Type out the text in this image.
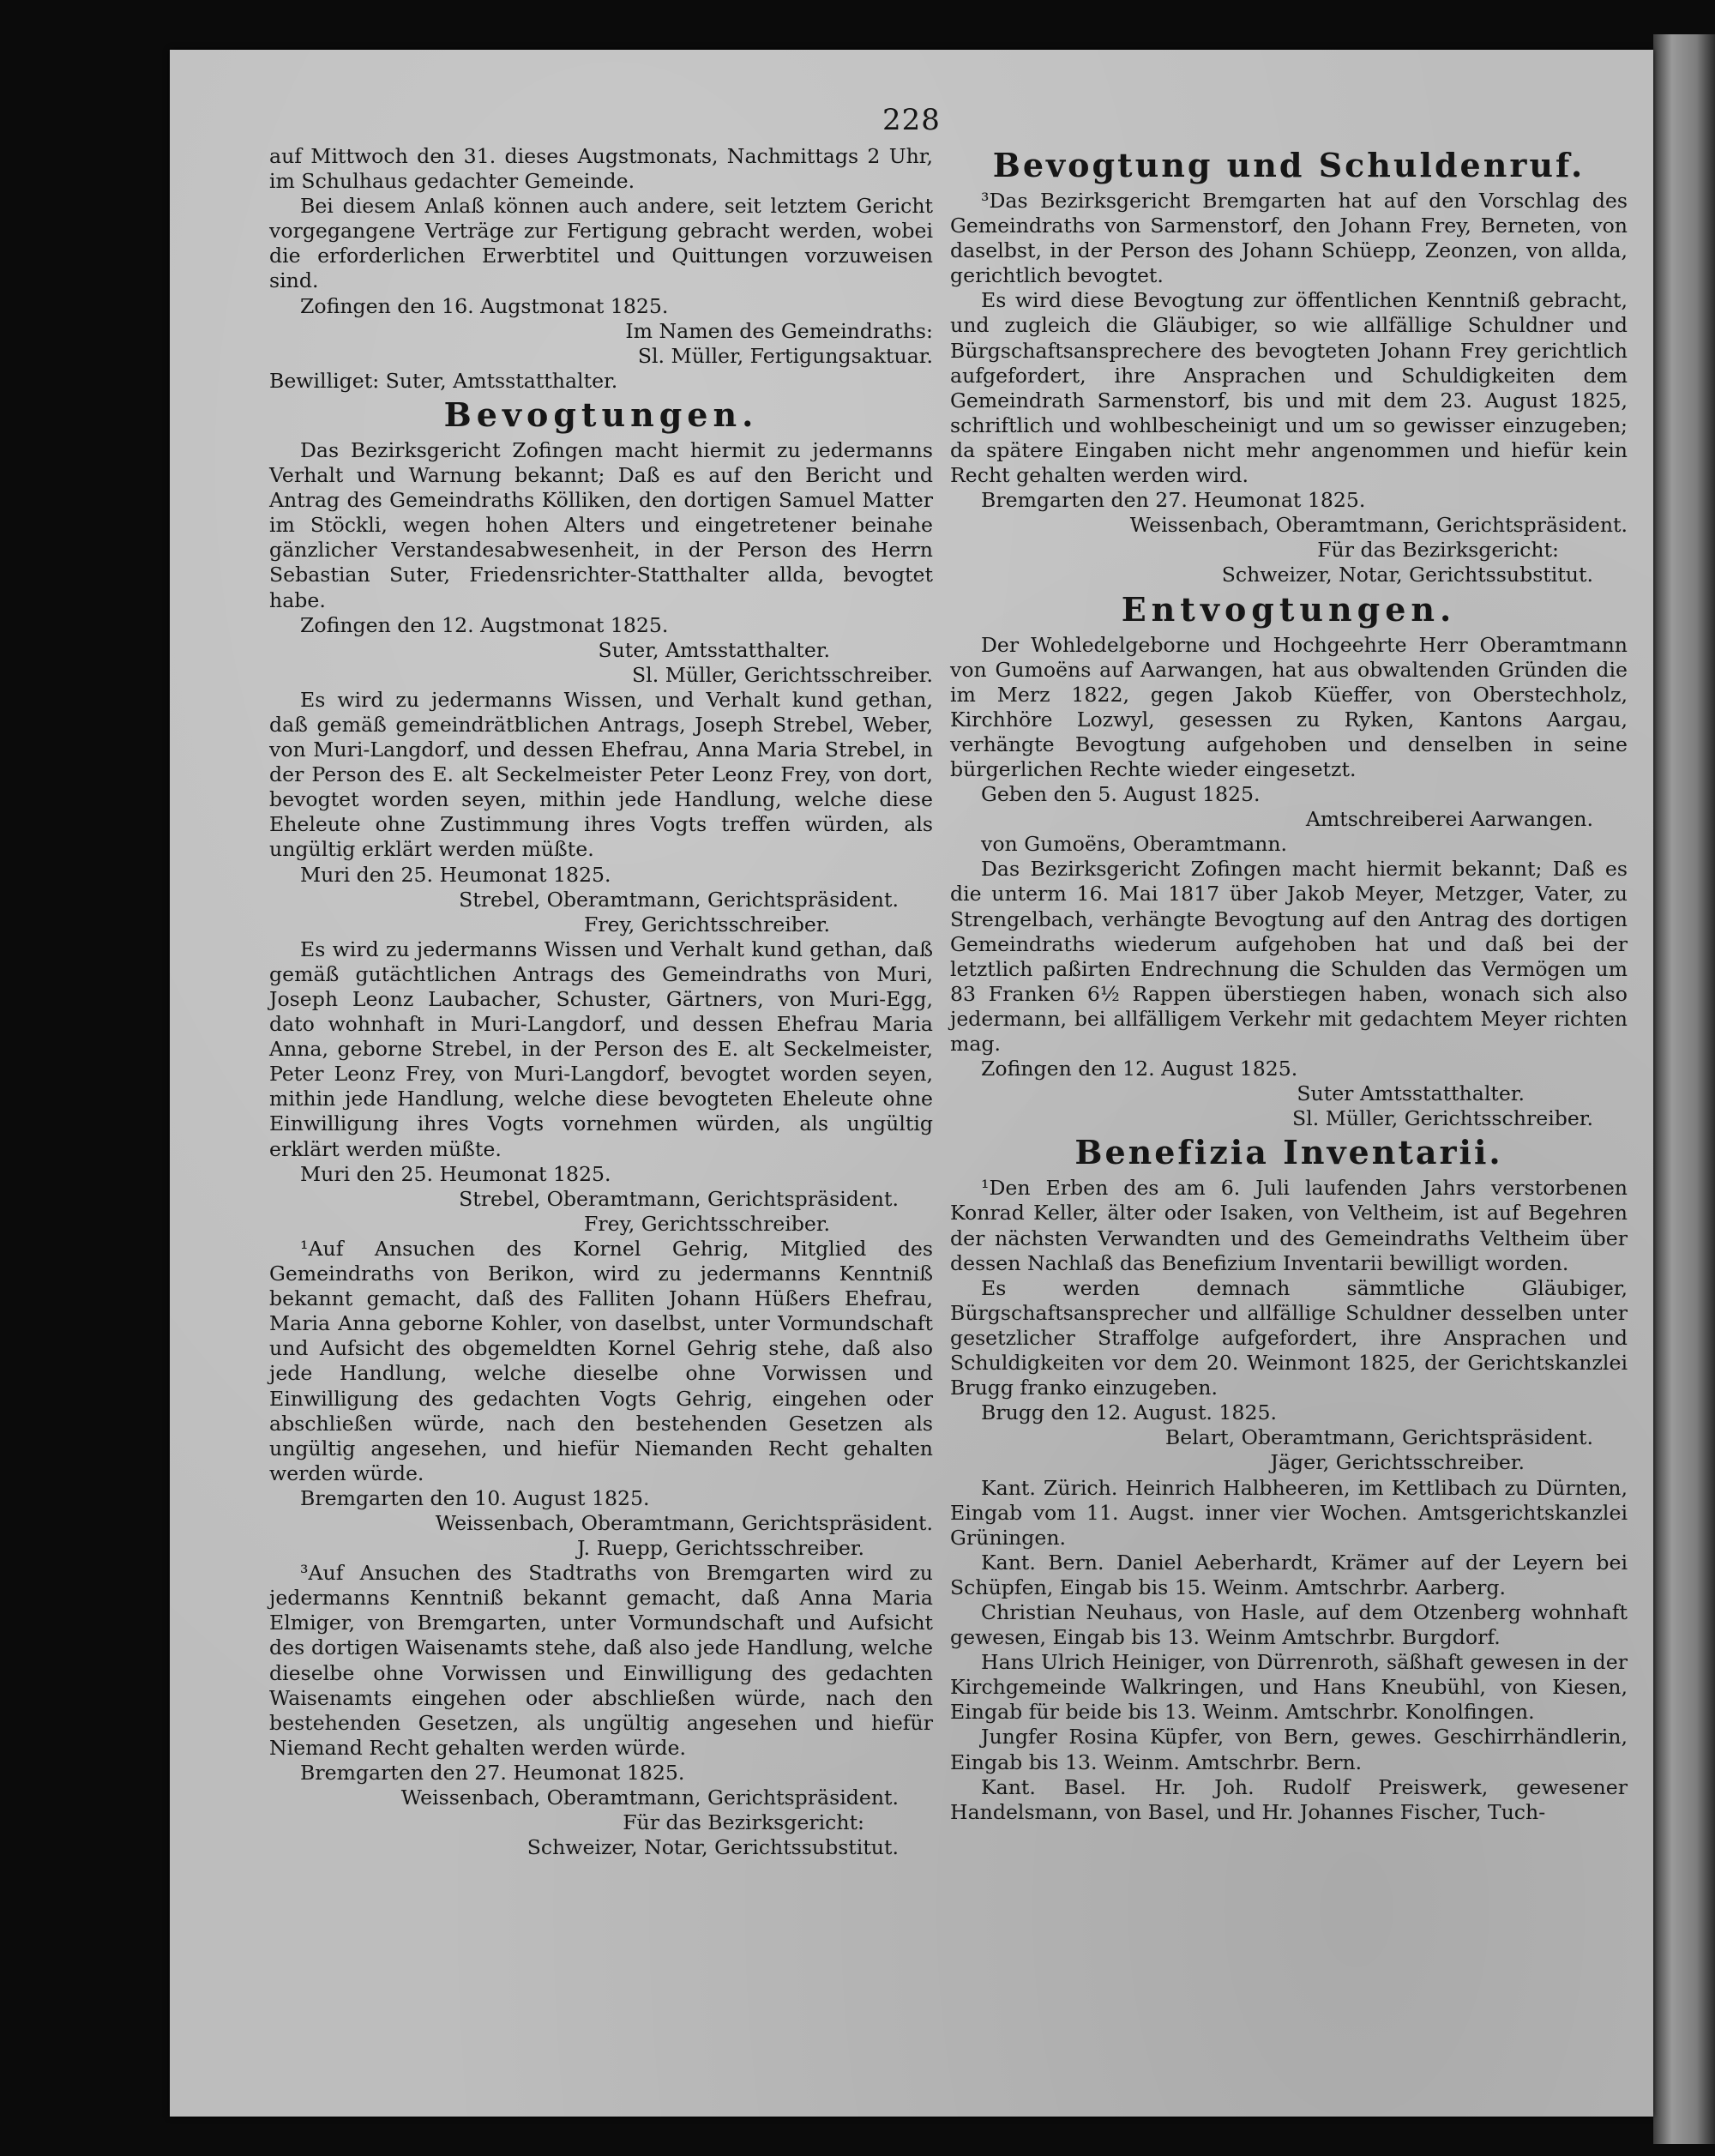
228

auf Mittwoch den 31. dieses Augstmonats, Nachmittags 2 Uhr, im Schulhaus gedachter Gemeinde.

Bei diesem Anlaß können auch andere, seit letztem Gericht vorgegangene Verträge zur Fertigung gebracht werden, wobei die erforderlichen Erwerbtitel und Quittungen vorzuweisen sind.

Zofingen den 16. Augstmonat 1825.

Im Namen des Gemeindraths:

Sl. Müller, Fertigungsaktuar.

Bewilliget: Suter, Amtsstatthalter.

Bevogtungen.

Das Bezirksgericht Zofingen macht hiermit zu jedermanns Verhalt und Warnung bekannt; Daß es auf den Bericht und Antrag des Gemeindraths Kölliken, den dortigen Samuel Matter im Stöckli, wegen hohen Alters und eingetretener beinahe gänzlicher Verstandesabwesenheit, in der Person des Herrn Sebastian Suter, Friedensrichter-Statthalter allda, bevogtet habe.

Zofingen den 12. Augstmonat 1825.

Suter, Amtsstatthalter.

Sl. Müller, Gerichtsschreiber.

Es wird zu jedermanns Wissen, und Verhalt kund gethan, daß gemäß gemeindrätblichen Antrags, Joseph Strebel, Weber, von Muri-Langdorf, und dessen Ehefrau, Anna Maria Strebel, in der Person des E. alt Seckelmeister Peter Leonz Frey, von dort, bevogtet worden seyen, mithin jede Handlung, welche diese Eheleute ohne Zustimmung ihres Vogts treffen würden, als ungültig erklärt werden müßte.

Muri den 25. Heumonat 1825.

Strebel, Oberamtmann, Gerichtspräsident.

Frey, Gerichtsschreiber.

Es wird zu jedermanns Wissen und Verhalt kund gethan, daß gemäß gutächtlichen Antrags des Gemeindraths von Muri, Joseph Leonz Laubacher, Schuster, Gärtners, von Muri-Egg, dato wohnhaft in Muri-Langdorf, und dessen Ehefrau Maria Anna, geborne Strebel, in der Person des E. alt Seckelmeister, Peter Leonz Frey, von Muri-Langdorf, bevogtet worden seyen, mithin jede Handlung, welche diese bevogteten Eheleute ohne Einwilligung ihres Vogts vornehmen würden, als ungültig erklärt werden müßte.

Muri den 25. Heumonat 1825.

Strebel, Oberamtmann, Gerichtspräsident.

Frey, Gerichtsschreiber.

¹Auf Ansuchen des Kornel Gehrig, Mitglied des Gemeindraths von Berikon, wird zu jedermanns Kenntniß bekannt gemacht, daß des Falliten Johann Hüßers Ehefrau, Maria Anna geborne Kohler, von daselbst, unter Vormundschaft und Aufsicht des obgemeldten Kornel Gehrig stehe, daß also jede Handlung, welche dieselbe ohne Vorwissen und Einwilligung des gedachten Vogts Gehrig, eingehen oder abschließen würde, nach den bestehenden Gesetzen als ungültig angesehen, und hiefür Niemanden Recht gehalten werden würde.

Bremgarten den 10. August 1825.

Weissenbach, Oberamtmann, Gerichtspräsident.

J. Ruepp, Gerichtsschreiber.

³Auf Ansuchen des Stadtraths von Bremgarten wird zu jedermanns Kenntniß bekannt gemacht, daß Anna Maria Elmiger, von Bremgarten, unter Vormundschaft und Aufsicht des dortigen Waisenamts stehe, daß also jede Handlung, welche dieselbe ohne Vorwissen und Einwilligung des gedachten Waisenamts eingehen oder abschließen würde, nach den bestehenden Gesetzen, als ungültig angesehen und hiefür Niemand Recht gehalten werden würde.

Bremgarten den 27. Heumonat 1825.

Weissenbach, Oberamtmann, Gerichtspräsident.

Für das Bezirksgericht:

Schweizer, Notar, Gerichtssubstitut.

Bevogtung und Schuldenruf.

³Das Bezirksgericht Bremgarten hat auf den Vorschlag des Gemeindraths von Sarmenstorf, den Johann Frey, Berneten, von daselbst, in der Person des Johann Schüepp, Zeonzen, von allda, gerichtlich bevogtet.

Es wird diese Bevogtung zur öffentlichen Kenntniß gebracht, und zugleich die Gläubiger, so wie allfällige Schuldner und Bürgschaftsansprechere des bevogteten Johann Frey gerichtlich aufgefordert, ihre Ansprachen und Schuldigkeiten dem Gemeindrath Sarmenstorf, bis und mit dem 23. August 1825, schriftlich und wohlbescheinigt und um so gewisser einzugeben; da spätere Eingaben nicht mehr angenommen und hiefür kein Recht gehalten werden wird.

Bremgarten den 27. Heumonat 1825.

Weissenbach, Oberamtmann, Gerichtspräsident.

Für das Bezirksgericht:

Schweizer, Notar, Gerichtssubstitut.

Entvogtungen.

Der Wohledelgeborne und Hochgeehrte Herr Oberamtmann von Gumoëns auf Aarwangen, hat aus obwaltenden Gründen die im Merz 1822, gegen Jakob Küeffer, von Oberstechholz, Kirchhöre Lozwyl, gesessen zu Ryken, Kantons Aargau, verhängte Bevogtung aufgehoben und denselben in seine bürgerlichen Rechte wieder eingesetzt.

Geben den 5. August 1825.

Amtschreiberei Aarwangen.

von Gumoëns, Oberamtmann.

Das Bezirksgericht Zofingen macht hiermit bekannt; Daß es die unterm 16. Mai 1817 über Jakob Meyer, Metzger, Vater, zu Strengelbach, verhängte Bevogtung auf den Antrag des dortigen Gemeindraths wiederum aufgehoben hat und daß bei der letztlich paßirten Endrechnung die Schulden das Vermögen um 83 Franken 6½ Rappen überstiegen haben, wonach sich also jedermann, bei allfälligem Verkehr mit gedachtem Meyer richten mag.

Zofingen den 12. August 1825.

Suter Amtsstatthalter.

Sl. Müller, Gerichtsschreiber.

Benefizia Inventarii.

¹Den Erben des am 6. Juli laufenden Jahrs verstorbenen Konrad Keller, älter oder Isaken, von Veltheim, ist auf Begehren der nächsten Verwandten und des Gemeindraths Veltheim über dessen Nachlaß das Benefizium Inventarii bewilligt worden.

Es werden demnach sämmtliche Gläubiger, Bürgschaftsansprecher und allfällige Schuldner desselben unter gesetzlicher Straffolge aufgefordert, ihre Ansprachen und Schuldigkeiten vor dem 20. Weinmont 1825, der Gerichtskanzlei Brugg franko einzugeben.

Brugg den 12. August. 1825.

Belart, Oberamtmann, Gerichtspräsident.

Jäger, Gerichtsschreiber.

Kant. Zürich. Heinrich Halbheeren, im Kettlibach zu Dürnten, Eingab vom 11. Augst. inner vier Wochen. Amtsgerichtskanzlei Grüningen.

Kant. Bern. Daniel Aeberhardt, Krämer auf der Leyern bei Schüpfen, Eingab bis 15. Weinm. Amtschrbr. Aarberg.

Christian Neuhaus, von Hasle, auf dem Otzenberg wohnhaft gewesen, Eingab bis 13. Weinm Amtschrbr. Burgdorf.

Hans Ulrich Heiniger, von Dürrenroth, säßhaft gewesen in der Kirchgemeinde Walkringen, und Hans Kneubühl, von Kiesen, Eingab für beide bis 13. Weinm. Amtschrbr. Konolfingen.

Jungfer Rosina Küpfer, von Bern, gewes. Geschirrhändlerin, Eingab bis 13. Weinm. Amtschrbr. Bern.

Kant. Basel. Hr. Joh. Rudolf Preiswerk, gewesener Handelsmann, von Basel, und Hr. Johannes Fischer, Tuch-
